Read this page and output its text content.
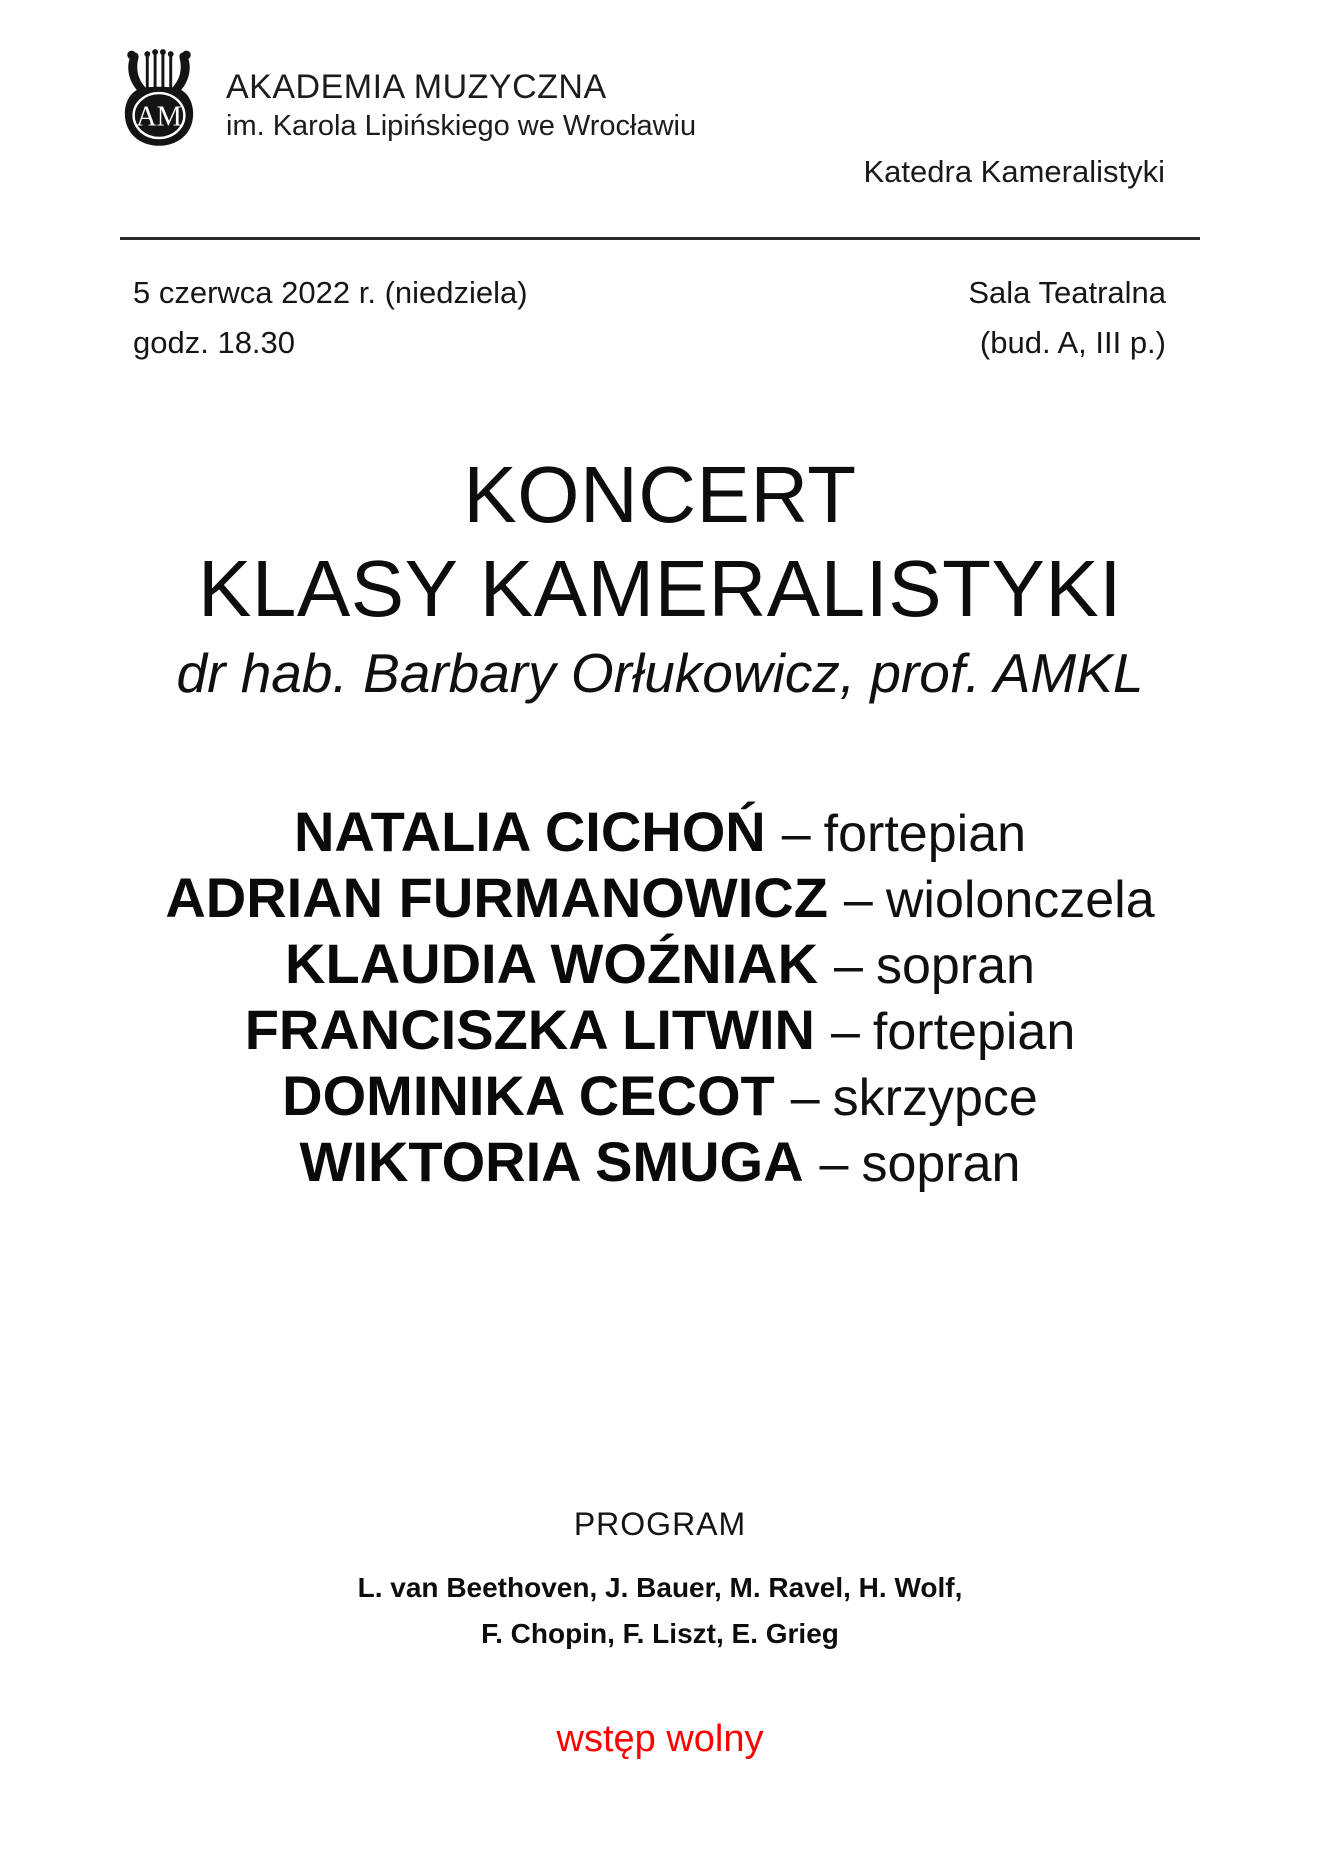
AM
AKADEMIA MUZYCZNA
im. Karola Lipińskiego we Wrocławiu
Katedra Kameralistyki
5 czerwca 2022 r. (niedziela)
godz. 18.30
Sala Teatralna
(bud. A, III p.)
KONCERT
KLASY KAMERALISTYKI
dr hab. Barbary Orłukowicz, prof. AMKL
NATALIA CICHOŃ – fortepian
ADRIAN FURMANOWICZ – wiolonczela
KLAUDIA WOŹNIAK – sopran
FRANCISZKA LITWIN – fortepian
DOMINIKA CECOT – skrzypce
WIKTORIA SMUGA – sopran
PROGRAM
L. van Beethoven, J. Bauer, M. Ravel, H. Wolf,
F. Chopin, F. Liszt, E. Grieg
wstęp wolny
